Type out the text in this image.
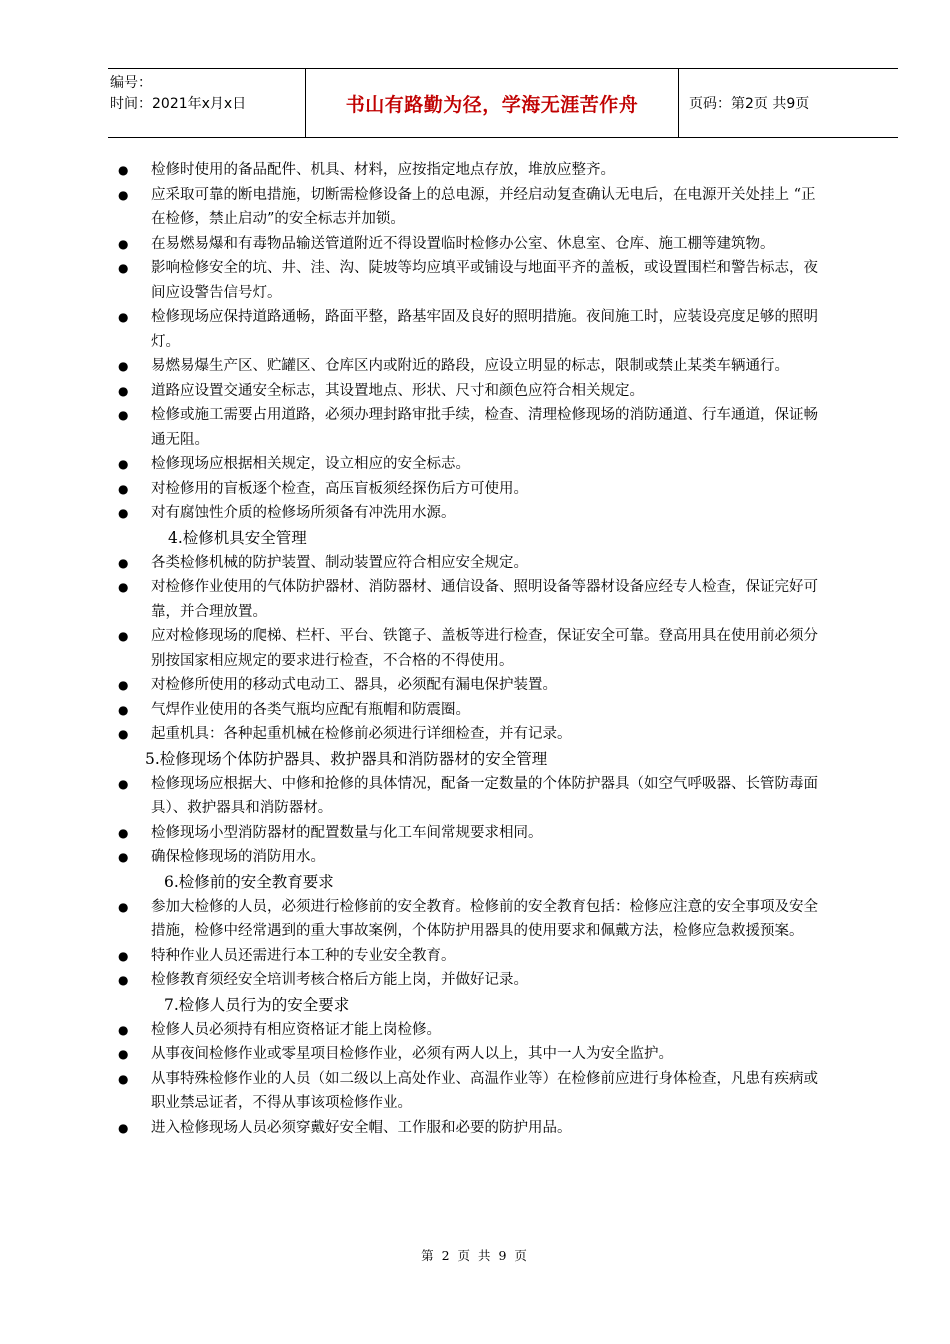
编号：
时间：2021年x月x日	书山有路勤为径，学海无涯苦作舟	页码：第2页 共9页
● 检修时使用的备品配件、机具、材料，应按指定地点存放，堆放应整齐。
● 应采取可靠的断电措施，切断需检修设备上的总电源，并经启动复查确认无电后，在电源开关处挂上 “正在检修，禁止启动”的安全标志并加锁。
● 在易燃易爆和有毒物品输送管道附近不得设置临时检修办公室、休息室、仓库、施工棚等建筑物。
● 影响检修安全的坑、井、洼、沟、陡坡等均应填平或铺设与地面平齐的盖板，或设置围栏和警告标志，夜间应设警告信号灯。
● 检修现场应保持道路通畅，路面平整，路基牢固及良好的照明措施。夜间施工时，应装设亮度足够的照明灯。
● 易燃易爆生产区、贮罐区、仓库区内或附近的路段，应设立明显的标志，限制或禁止某类车辆通行。
● 道路应设置交通安全标志，其设置地点、形状、尺寸和颜色应符合相关规定。
● 检修或施工需要占用道路，必须办理封路审批手续，检查、清理检修现场的消防通道、行车通道，保证畅通无阻。
● 检修现场应根据相关规定，设立相应的安全标志。
● 对检修用的盲板逐个检查，高压盲板须经探伤后方可使用。
● 对有腐蚀性介质的检修场所须备有冲洗用水源。
4.检修机具安全管理
● 各类检修机械的防护装置、制动装置应符合相应安全规定。
● 对检修作业使用的气体防护器材、消防器材、通信设备、照明设备等器材设备应经专人检查，保证完好可靠，并合理放置。
● 应对检修现场的爬梯、栏杆、平台、铁篦子、盖板等进行检查，保证安全可靠。登高用具在使用前必须分别按国家相应规定的要求进行检查，不合格的不得使用。
● 对检修所使用的移动式电动工、器具，必须配有漏电保护装置。
● 气焊作业使用的各类气瓶均应配有瓶帽和防震圈。
● 起重机具：各种起重机械在检修前必须进行详细检查，并有记录。
5.检修现场个体防护器具、救护器具和消防器材的安全管理
● 检修现场应根据大、中修和抢修的具体情况，配备一定数量的个体防护器具（如空气呼吸器、长管防毒面具）、救护器具和消防器材。
● 检修现场小型消防器材的配置数量与化工车间常规要求相同。
● 确保检修现场的消防用水。
6.检修前的安全教育要求
● 参加大检修的人员，必须进行检修前的安全教育。检修前的安全教育包括：检修应注意的安全事项及安全措施，检修中经常遇到的重大事故案例，个体防护用器具的使用要求和佩戴方法，检修应急救援预案。
● 特种作业人员还需进行本工种的专业安全教育。
● 检修教育须经安全培训考核合格后方能上岗，并做好记录。
7.检修人员行为的安全要求
● 检修人员必须持有相应资格证才能上岗检修。
● 从事夜间检修作业或零星项目检修作业，必须有两人以上，其中一人为安全监护。
● 从事特殊检修作业的人员（如二级以上高处作业、高温作业等）在检修前应进行身体检查，凡患有疾病或职业禁忌证者，不得从事该项检修作业。
● 进入检修现场人员必须穿戴好安全帽、工作服和必要的防护用品。
第 2 页 共 9 页
